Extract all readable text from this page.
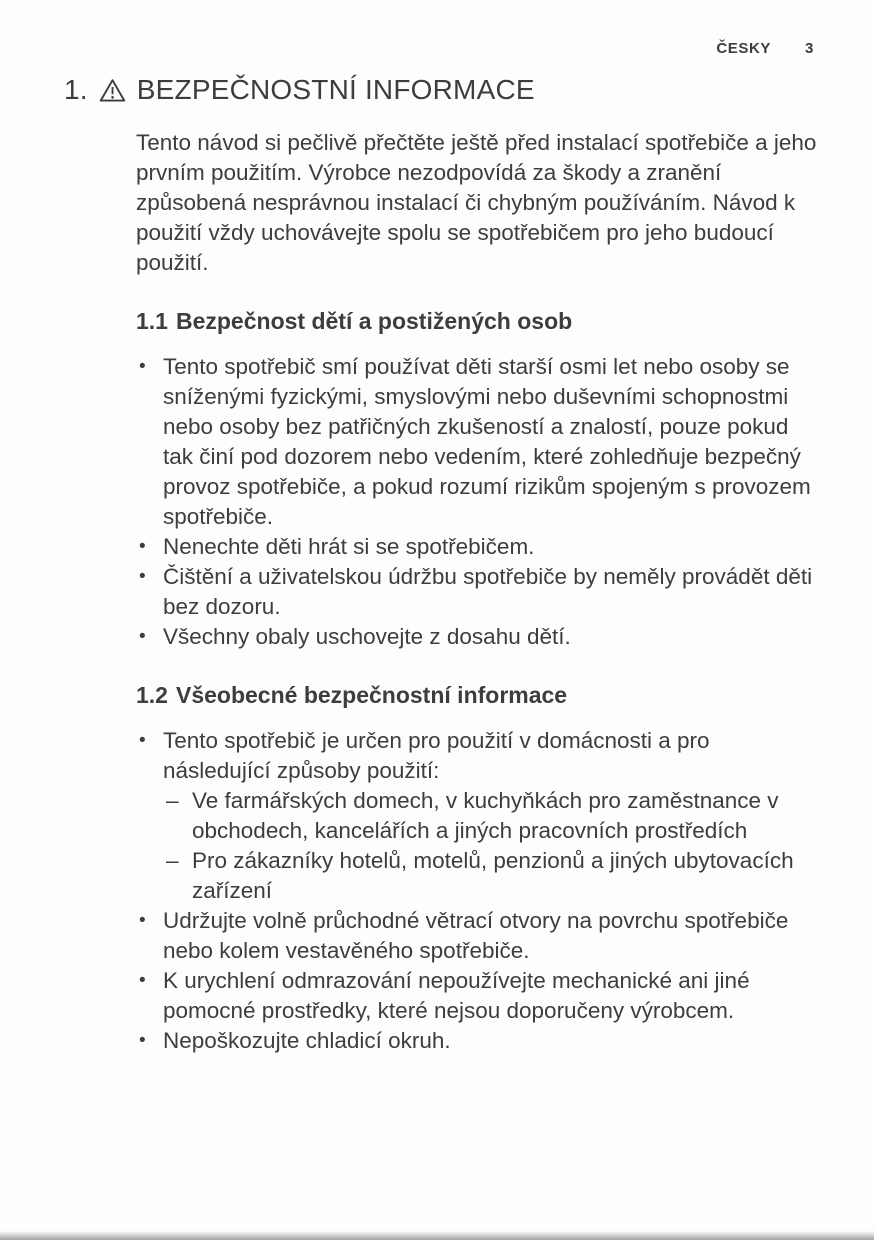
ČESKY 3
1. BEZPEČNOSTNÍ INFORMACE

Tento návod si pečlivě přečtěte ještě před instalací spotřebiče a jeho prvním použitím. Výrobce nezodpovídá za škody a zranění způsobená nesprávnou instalací či chybným používáním. Návod k použití vždy uchovávejte spolu se spotřebičem pro jeho budoucí použití.

1.1 Bezpečnost dětí a postižených osob
• Tento spotřebič smí používat děti starší osmi let nebo osoby se sníženými fyzickými, smyslovými nebo duševními schopnostmi nebo osoby bez patřičných zkušeností a znalostí, pouze pokud tak činí pod dozorem nebo vedením, které zohledňuje bezpečný provoz spotřebiče, a pokud rozumí rizikům spojeným s provozem spotřebiče.
• Nenechte děti hrát si se spotřebičem.
• Čištění a uživatelskou údržbu spotřebiče by neměly provádět děti bez dozoru.
• Všechny obaly uschovejte z dosahu dětí.
1.2 Všeobecné bezpečnostní informace
• Tento spotřebič je určen pro použití v domácnosti a pro následující způsoby použití:
– Ve farmářských domech, v kuchyňkách pro zaměstnance v obchodech, kancelářích a jiných pracovních prostředích
– Pro zákazníky hotelů, motelů, penzionů a jiných ubytovacích zařízení
• Udržujte volně průchodné větrací otvory na povrchu spotřebiče nebo kolem vestavěného spotřebiče.
• K urychlení odmrazování nepoužívejte mechanické ani jiné pomocné prostředky, které nejsou doporučeny výrobcem.
• Nepoškozujte chladicí okruh.
